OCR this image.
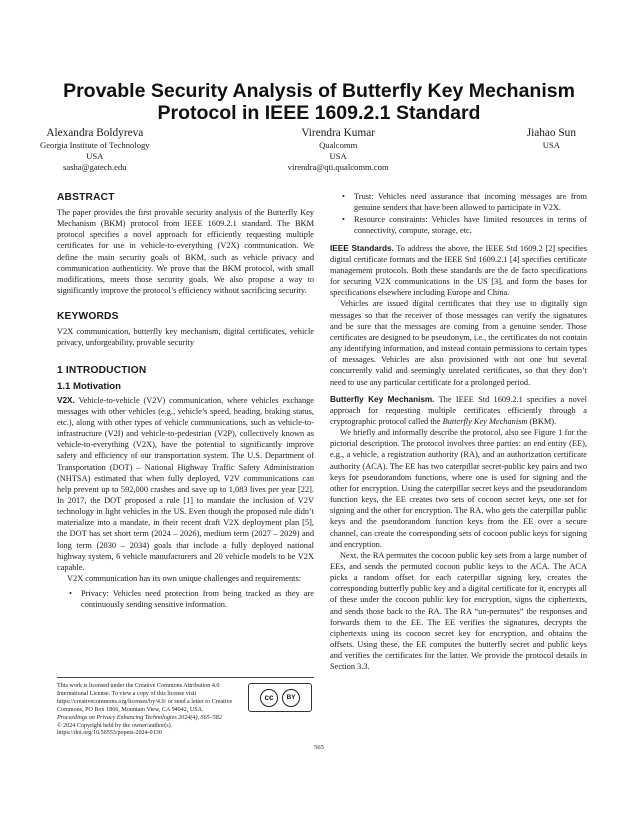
Provable Security Analysis of Butterfly Key Mechanism Protocol in IEEE 1609.2.1 Standard
Alexandra Boldyreva
Georgia Institute of Technology
USA
sasha@gatech.edu
Virendra Kumar
Qualcomm
USA
virendra@qti.qualcomm.com
Jiahao Sun
USA
ABSTRACT

The paper provides the first provable security analysis of the Butterfly Key Mechanism (BKM) protocol from IEEE 1609.2.1 standard. The BKM protocol specifies a novel approach for efficiently requesting multiple certificates for use in vehicle-to-everything (V2X) communication. We define the main security goals of BKM, such as vehicle privacy and communication authenticity. We prove that the BKM protocol, with small modifications, meets those security goals. We also propose a way to significantly improve the protocol’s efficiency without sacrificing security.

KEYWORDS

V2X communication, butterfly key mechanism, digital certificates, vehicle privacy, unforgeability, provable security

1 INTRODUCTION
1.1 Motivation

V2X. Vehicle-to-vehicle (V2V) communication, where vehicles exchange messages with other vehicles (e.g., vehicle’s speed, heading, braking status, etc.), along with other types of vehicle communications, such as vehicle-to-infrastructure (V2I) and vehicle-to-pedestrian (V2P), collectively known as vehicle-to-everything (V2X), have the potential to significantly improve safety and efficiency of our transportation system. The U.S. Department of Transportation (DOT) – National Highway Traffic Safety Administration (NHTSA) estimated that when fully deployed, V2V communications can help prevent up to 592,000 crashes and save up to 1,083 lives per year [22]. In 2017, the DOT proposed a rule [1] to mandate the inclusion of V2V technology in light vehicles in the US. Even though the proposed rule didn’t materialize into a mandate, in their recent draft V2X deployment plan [5], the DOT has set short term (2024 – 2026), medium term (2027 – 2029) and long term (2030 – 2034) goals that include a fully deployed national highway system, 6 vehicle manufacturers and 20 vehicle models to be V2X capable.

V2X communication has its own unique challenges and requirements:

• Privacy: Vehicles need protection from being tracked as they are continuously sending sensitive information.
• Trust: Vehicles need assurance that incoming messages are from genuine senders that have been allowed to participate in V2X.
• Resource constraints: Vehicles have limited resources in terms of connectivity, compute, storage, etc.

IEEE Standards. To address the above, the IEEE Std 1609.2 [2] specifies digital certificate formats and the IEEE Std 1609.2.1 [4] specifies certificate management protocols. Both these standards are the de facto specifications for securing V2X communications in the US [3], and form the bases for specifications elsewhere including Europe and China.

Vehicles are issued digital certificates that they use to digitally sign messages so that the receiver of those messages can verify the signatures and be sure that the messages are coming from a genuine sender. Those certificates are designed to be pseudonym, i.e., the certificates do not contain any identifying information, and instead contain permissions to certain types of messages. Vehicles are also provisioned with not one but several concurrently valid and seemingly unrelated certificates, so that they don’t need to use any particular certificate for a prolonged period.

Butterfly Key Mechanism. The IEEE Std 1609.2.1 specifies a novel approach for requesting multiple certificates efficiently through a cryptographic protocol called the Butterfly Key Mechanism (BKM).

We briefly and informally describe the protocol, also see Figure 1 for the pictorial description. The protocol involves three parties: an end entity (EE), e.g., a vehicle, a registration authority (RA), and an authorization certificate authority (ACA). The EE has two caterpillar secret-public key pairs and two keys for pseudorandom functions, where one is used for signing and the other for encryption. Using the caterpillar secret keys and the pseudorandom function keys, the EE creates two sets of cocoon secret keys, one set for signing and the other for encryption. The RA, who gets the caterpillar public keys and the pseudorandom function keys from the EE over a secure channel, can create the corresponding sets of cocoon public keys for signing and encryption.

Next, the RA permutes the cocoon public key sets from a large number of EEs, and sends the permuted cocoon public keys to the ACA. The ACA picks a random offset for each caterpillar signing key, creates the corresponding butterfly public key and a digital certificate for it, encrypts all of these under the cocoon public key for encryption, signs the ciphertexts, and sends those back to the RA. The RA “un-permutes” the responses and forwards them to the EE. The EE verifies the signatures, decrypts the ciphertexts using its cocoon secret key for encryption, and obtains the offsets. Using these, the EE computes the butterfly secret and public keys and verifies the certificates for the latter. We provide the protocol details in Section 3.3.

This work is licensed under the Creative Commons Attribution 4.0 International License. To view a copy of this license visit https://creativecommons.org/licenses/by/4.0/ or send a letter to Creative Commons, PO Box 1866, Mountain View, CA 94042, USA.
cc	BY
Proceedings on Privacy Enhancing Technologies 2024(4), 565–582
© 2024 Copyright held by the owner/author(s).
https://doi.org/10.56553/popets-2024-0130
565
